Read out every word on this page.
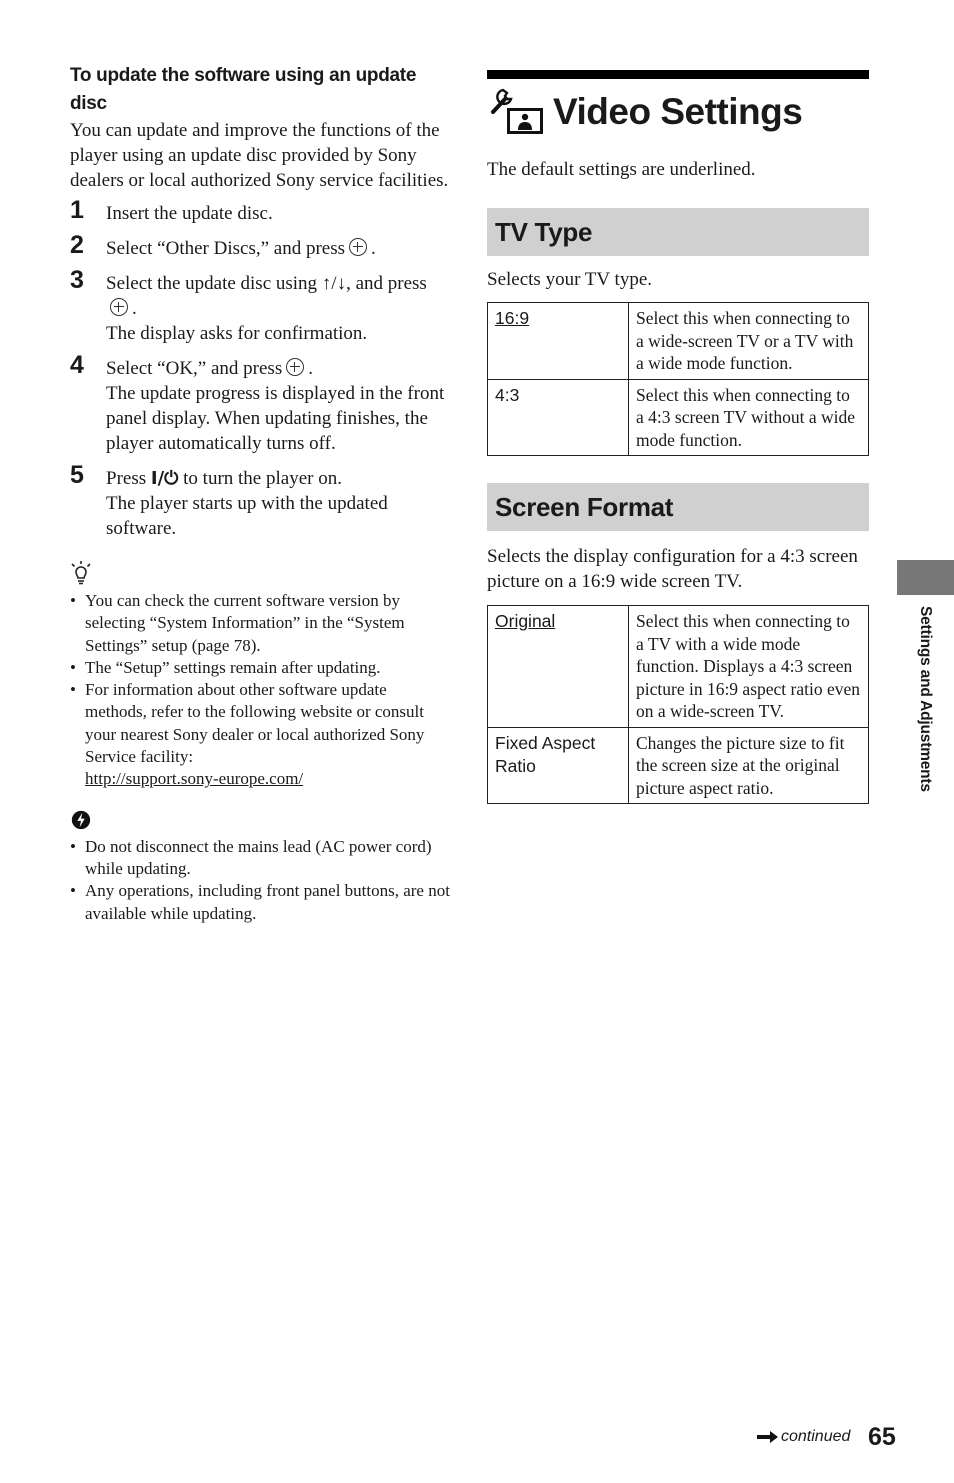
To update the software using an update disc

You can update and improve the functions of the player using an update disc provided by Sony dealers or local authorized Sony service facilities.

1 Insert the update disc.

2 Select “Other Discs,” and press .

3 Select the update disc using ↑/↓, and press.
The display asks for confirmation.

4 Select “OK,” and press .
The update progress is displayed in the front panel display. When updating finishes, the player automatically turns off.

5 Press I/⏻ to turn the player on.
The player starts up with the updated software.

• You can check the current software version by selecting “System Information” in the “System Settings” setup (page 78).
• The “Setup” settings remain after updating.
• For information about other software update methods, refer to the following website or consult your nearest Sony dealer or local authorized Sony Service facility:
http://support.sony-europe.com/
• Do not disconnect the mains lead (AC power cord) while updating.
• Any operations, including front panel buttons, are not available while updating.
Video Settings

The default settings are underlined.

TV Type

Selects your TV type.

16:9	Select this when connecting to a wide-screen TV or a TV with a wide mode function.
4:3	Select this when connecting to a 4:3 screen TV without a wide mode function.
Screen Format

Selects the display configuration for a 4:3 screen picture on a 16:9 wide screen TV.

Original	Select this when connecting to a TV with a wide mode function. Displays a 4:3 screen picture in 16:9 aspect ratio even on a wide-screen TV.
Fixed Aspect Ratio	Changes the picture size to fit the screen size at the original picture aspect ratio.	Settings and Adjustments
continued 65
